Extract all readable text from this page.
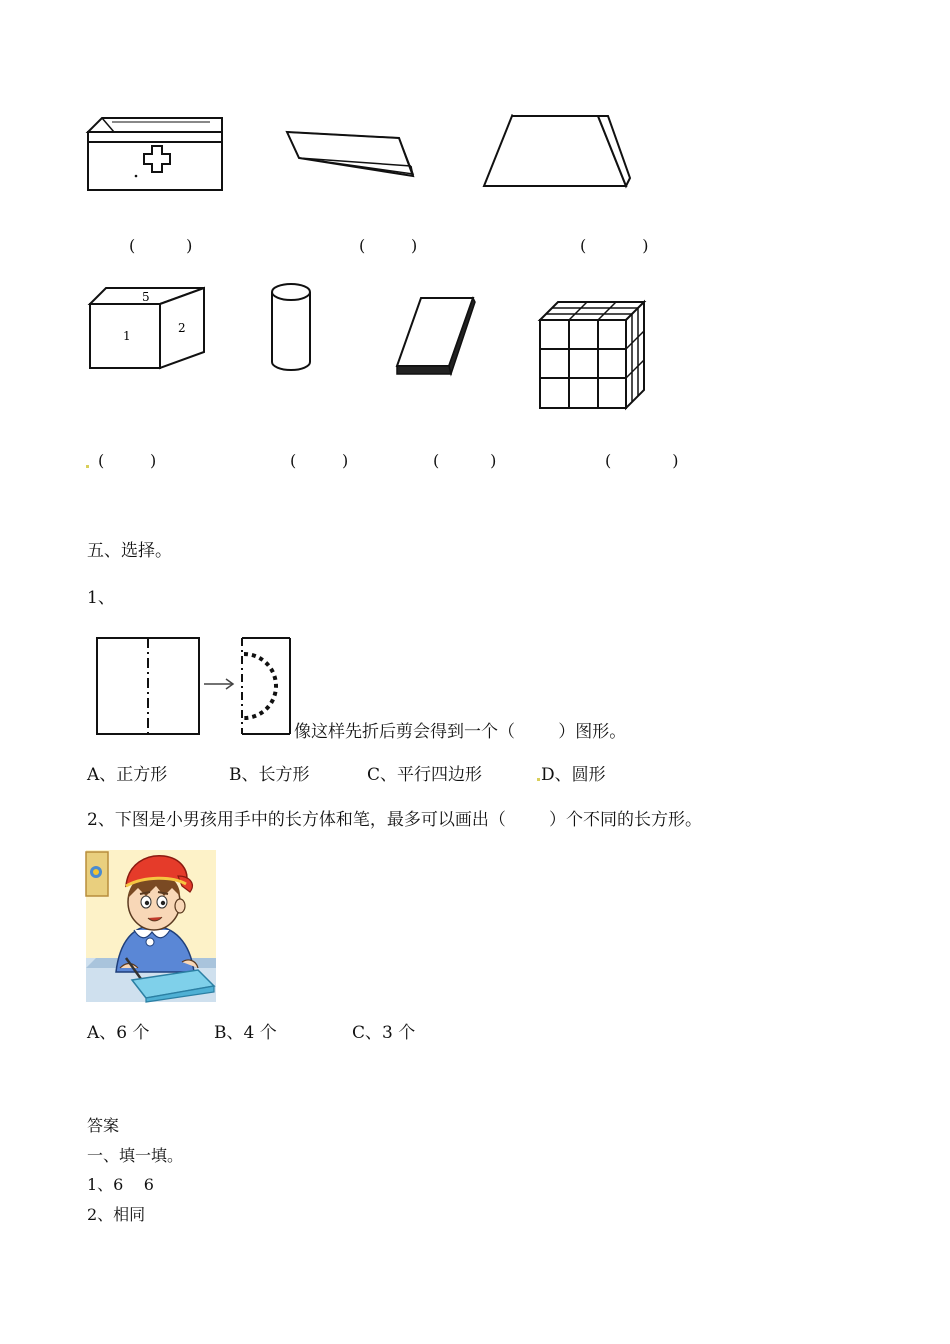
(          )	(         )	(           )
5
1
2
(         )	(         )	(          )	(            )
五、选择。
1、
像这样先折后剪会得到一个（        ）图形。
A、正方形	B、长方形	C、平行四边形	D、圆形
2、下图是小男孩用手中的长方体和笔，最多可以画出（        ）个不同的长方形。
A、6 个	B、4 个	C、3 个
答案
一、填一填。
1、6    6
2、相同
